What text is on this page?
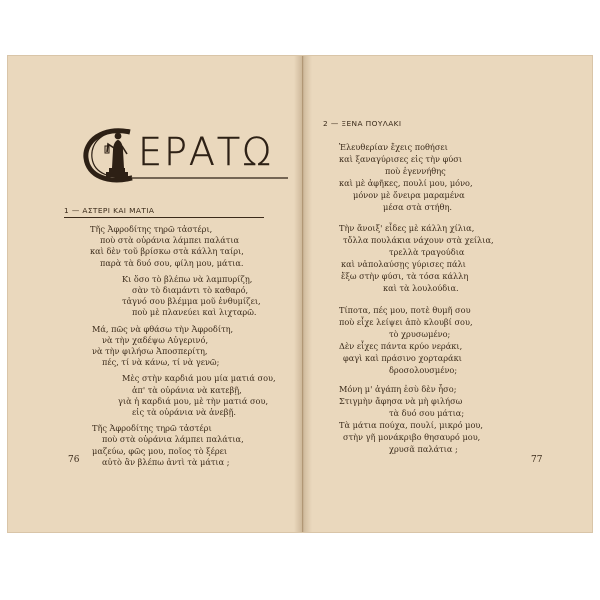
ΕΡΑΤΩ
1 — ΑΣΤΕΡΙ ΚΑΙ ΜΑΤΙΑ
Τῆς Ἀφροδίτης τηρῶ τἀστέρι,
ποὺ στὰ οὐράνια λάμπει παλάτια
καὶ δὲν τοῦ βρίσκω στὰ κάλλη ταίρι,
παρὰ τὰ δυό σου, φίλη μου, μάτια.
Κι ὅσο τὸ βλέπω νὰ λαμπυρίζῃ,
σὰν τὸ διαμάντι τὸ καθαρό,
τἀγνό σου βλέμμα μοῦ ἐνθυμίζει,
ποὺ μὲ πλανεύει καὶ λιχταρῶ.
Μά, πῶς νὰ φθάσω τὴν Ἀφροδίτη,
νὰ τὴν χαδέψω Αὐγερινό,
νὰ τὴν φιλήσω Ἀποσπερίτη,
πές, τί νὰ κάνω, τί νὰ γενῶ;
Μὲς στὴν καρδιά μου μία ματιά σου,
ἀπ' τὰ οὐράνια νὰ κατεβῇ,
γιὰ ἡ καρδιά μου, μὲ τὴν ματιά σου,
εἰς τὰ οὐράνια νὰ ἀνεβῇ.
Τῆς Ἀφροδίτης τηρῶ τἀστέρι
ποὺ στὰ οὐράνια λάμπει παλάτια,
μαζεύω, φῶς μου, ποῖος τὸ ξέρει
αὐτὸ ἂν βλέπω ἀντὶ τὰ μάτια ;
76
2 — ΞΕΝΑ ΠΟΥΛΑΚΙ
Ἐλευθερίαν ἔχεις ποθήσει
καὶ ξαναγύρισες εἰς τὴν φύσι
ποὺ ἐγεννήθης
καὶ μὲ ἀφῆκες, πουλί μου, μόνο,
μόνον μὲ ὄνειρα μαραμένα
μέσα στὰ στήθη.
Τὴν ἄνοιξ' εἶδες μὲ κάλλη χίλια,
τὄλλα πουλάκια νάχουν στὰ χείλια,
τρελλὰ τραγούδια
καὶ νἀπολαύσῃς γύρισες πάλι
ἔξω στὴν φύσι, τὰ τόσα κάλλη
καὶ τὰ λουλούδια.
Τίποτα, πές μου, ποτὲ θυμῆ σου
ποὺ εἶχε λείψει ἀπὸ κλουβί σου,
τὸ χρυσωμένο;
Δὲν εἶχες πάντα κρύο νεράκι,
φαγὶ καὶ πράσινο χορταράκι
δροσολουσμένο;
Μόνη μ' ἀγάπη ἐσὺ δὲν ἦσο;
Στιγμὴν ἄφησα νὰ μὴ φιλήσω
τὰ δυό σου μάτια;
Τὰ μάτια πούχα, πουλί, μικρό μου,
στὴν γῆ μονάκριβο θησαυρό μου,
χρυσᾶ παλάτια ;
77
